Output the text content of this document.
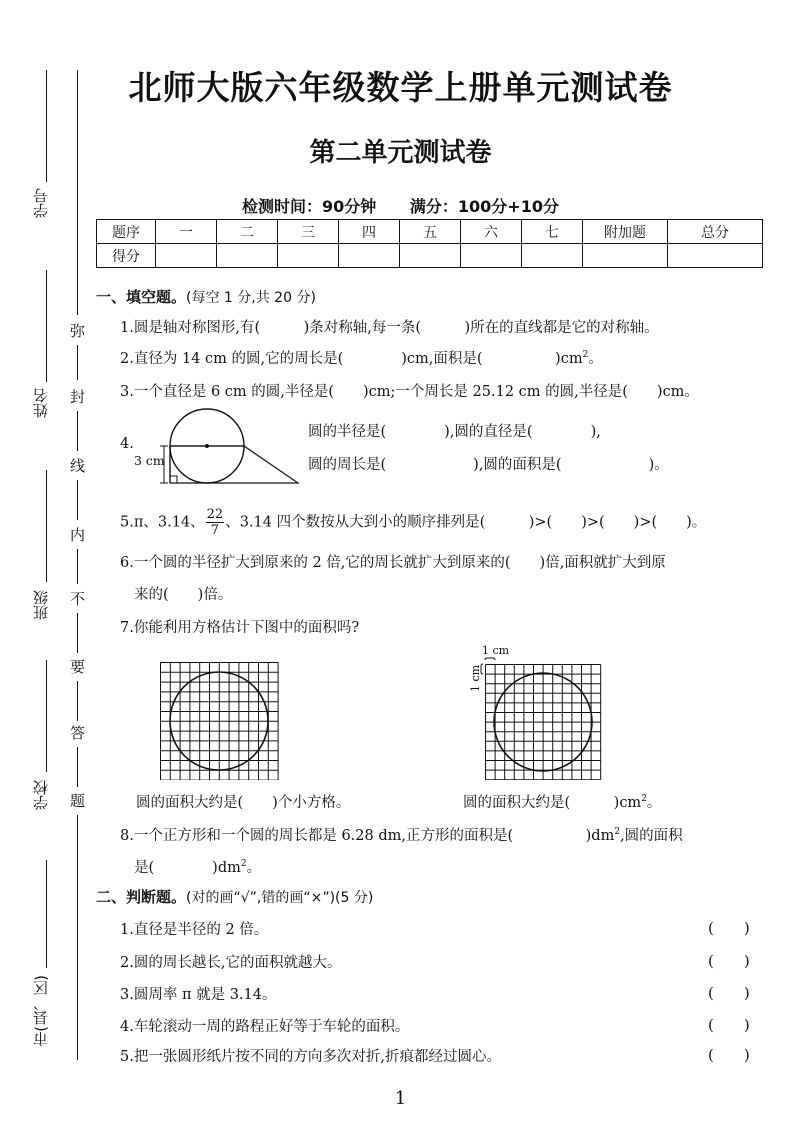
学号
姓名
班级
学校
市(县、区)
弥
封
线
内
不
要
答
题
北师大版六年级数学上册单元测试卷
第二单元测试卷
检测时间：90分钟 满分：100分+10分
题序	一	二	三	四	五	六	七	附加题	总分
得分									
一、填空题。(每空 1 分,共 20 分)
1.圆是轴对称图形,有(　　　)条对称轴,每一条(　　　)所在的直线都是它的对称轴。
2.直径为 14 cm 的圆,它的周长是(　　　　)cm,面积是(　　　　　)$cm^2$。
3.一个直径是 6 cm 的圆,半径是(　　)cm;一个周长是 25.12 cm 的圆,半径是(　　)cm。
4.
3 cm
圆的半径是(　　　　),圆的直径是(　　　　),
圆的周长是(　　　　　　),圆的面积是(　　　　　　)。
5.π、3.14、 $\frac{22}{7}$ 、3.14 四个数按从大到小的顺序排列是(　　　)>(　　)>(　　)>(　　)。
6.一个圆的半径扩大到原来的 2 倍,它的周长就扩大到原来的(　　)倍,面积就扩大到原
来的(　　)倍。
7.你能利用方格估计下图中的面积吗?
1 cm
1 cm
圆的面积大约是(　　)个小方格。	圆的面积大约是(　　　)$cm^2$。
8.一个正方形和一个圆的周长都是 6.28 dm,正方形的面积是(　　　　　)$dm^2$,圆的面积
是(　　　　)$dm^2$。
二、判断题。(对的画“√”,错的画“×”)(5 分)
1.直径是半径的 2 倍。	(　　)
2.圆的周长越长,它的面积就越大。	(　　)
3.圆周率 π 就是 3.14。	(　　)
4.车轮滚动一周的路程正好等于车轮的面积。	(　　)
5.把一张圆形纸片按不同的方向多次对折,折痕都经过圆心。	(　　)
1
